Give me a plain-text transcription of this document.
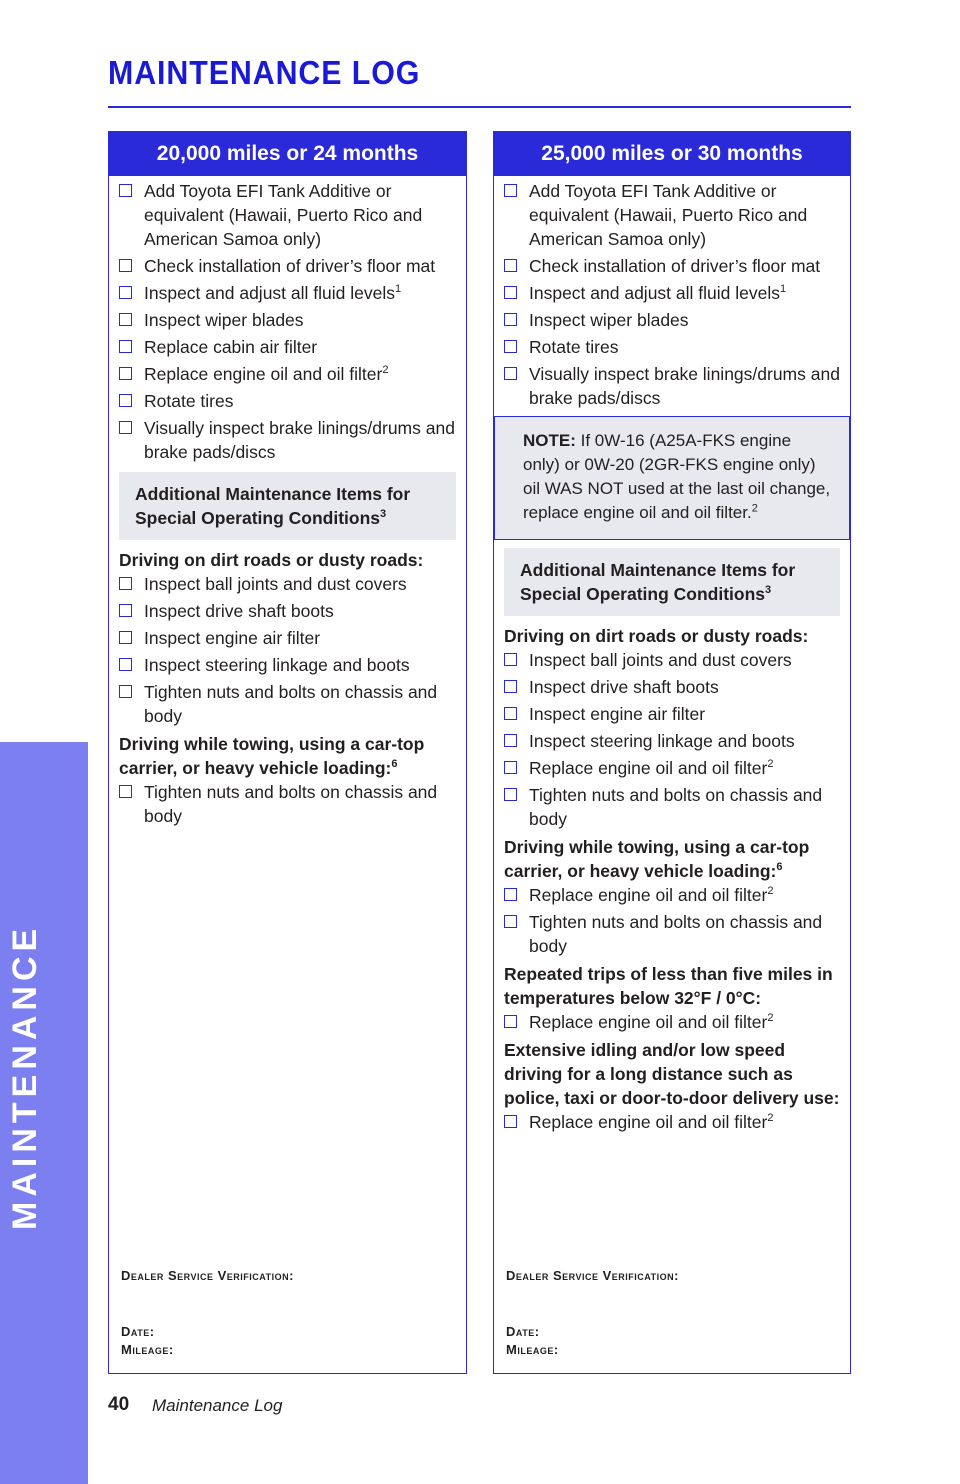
MAINTENANCE LOG
20,000 miles or 24 months
Add Toyota EFI Tank Additive or equivalent (Hawaii, Puerto Rico and American Samoa only)
Check installation of driver’s floor mat
Inspect and adjust all fluid levels$^1$
Inspect wiper blades
Replace cabin air filter
Replace engine oil and oil filter$^2$
Rotate tires
Visually inspect brake linings/drums and brake pads/discs
Additional Maintenance Items for Special Operating Conditions$^3$
Driving on dirt roads or dusty roads:
Inspect ball joints and dust covers
Inspect drive shaft boots
Inspect engine air filter
Inspect steering linkage and boots
Tighten nuts and bolts on chassis and body
Driving while towing, using a car-top carrier, or heavy vehicle loading:$^6$
Tighten nuts and bolts on chassis and body
Dealer Service Verification:
Date:
Mileage:
25,000 miles or 30 months
Add Toyota EFI Tank Additive or equivalent (Hawaii, Puerto Rico and American Samoa only)
Check installation of driver’s floor mat
Inspect and adjust all fluid levels$^1$
Inspect wiper blades
Rotate tires
Visually inspect brake linings/drums and brake pads/discs
NOTE: If 0W-16 (A25A-FKS engine only) or 0W-20 (2GR-FKS engine only) oil WAS NOT used at the last oil change, replace engine oil and oil filter.$^2$
Additional Maintenance Items for Special Operating Conditions$^3$
Driving on dirt roads or dusty roads:
Inspect ball joints and dust covers
Inspect drive shaft boots
Inspect engine air filter
Inspect steering linkage and boots
Replace engine oil and oil filter$^2$
Tighten nuts and bolts on chassis and body
Driving while towing, using a car-top carrier, or heavy vehicle loading:$^6$
Replace engine oil and oil filter$^2$
Tighten nuts and bolts on chassis and body
Repeated trips of less than five miles in temperatures below 32°F / 0°C:
Replace engine oil and oil filter$^2$
Extensive idling and/or low speed driving for a long distance such as police, taxi or door-to-door delivery use:
Replace engine oil and oil filter$^2$
Dealer Service Verification:
Date:
Mileage:
40 Maintenance Log
